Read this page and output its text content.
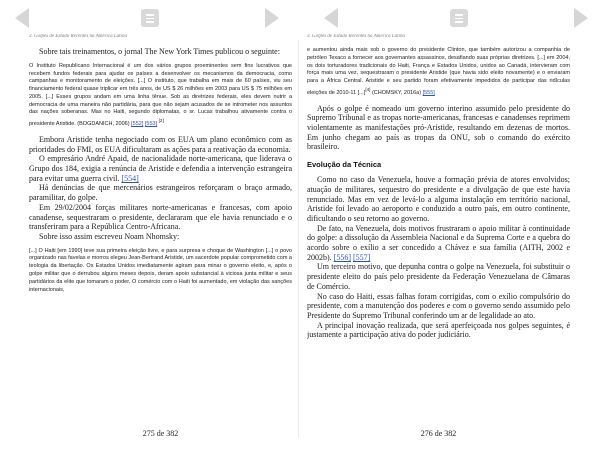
3. Golpes de Estado Recentes na América Latina

Sobre tais treinamentos, o jornal The New York Times publicou o seguinte:

O Instituto Republicano Internacional é um dos vários grupos proeminentes sem fins lucrativos que recebem fundos federais para ajudar os países a desenvolver os mecanismos da democracia, como campanhas e monitoramento de eleições. [...] O instituto, que trabalha em mais de 60 países, viu seu financiamento federal quase triplicar em três anos, de US $ 26 milhões em 2003 para US $ 75 milhões em 2005. [...] Esses grupos andam em uma linha tênue. Sob as diretrizes federais, eles devem nutrir a democracia de uma maneira não partidária, para que não sejam acusados de se intrometer nos assuntos das nações soberanas. Mas no Haiti, segundo diplomatas, o sr. Lucas trabalhou ativamente contra o presidente Aristide. (BOGDANICH, 2006) [552] [553] [2]

Embora Aristide tenha negociado com os EUA um plano econômico com as prioridades do FMI, os EUA dificultaram as ações para a reativação da economia.

O empresário André Apaid, de nacionalidade norte-americana, que liderava o Grupo dos 184, exigia a renúncia de Aristide e defendia a intervenção estrangeira para evitar uma guerra civil. [554]

Há denúncias de que mercenários estrangeiros reforçaram o braço armado, paramilitar, do golpe.

Em 29/02/2004 forças militares norte-americanas e francesas, com apoio canadense, sequestraram o presidente, declararam que ele havia renunciado e o transferiram para a República Centro-Africana.

Sobre isso assim escreveu Noam Nhomsky:

[...] O Haiti [em 1990] teve sua primeira eleição livre, e para surpresa e choque de Washington [...] o povo organizado nas favelas e morros elegeu Jean-Bertrand Aristide, um sacerdote popular comprometido com a teologia da libertação. Os Estados Unidos imediatamente agiram para minar o governo eleito, e, após o golpe militar que o derrubou alguns meses depois, deram apoio substancial à viciosa junta militar e seus partidários da elite que tomaram o poder. O comércio com o Haiti foi aumentado, em violação das sanções internacionais,
275 de 382
3. Golpes de Estado Recentes na América Latina
e aumentou ainda mais sob o governo do presidente Clinton, que também autorizou a companhia de petróleo Texaco a fornecer aos governantes assassinos, desafiando suas próprias diretrizes. [...] em 2004, os dois torturadores tradicionais do Haiti, França e Estados Unidos, unidos ao Canadá, intervieram com força mais uma vez, sequestraram o presidente Aristide (que havia sido eleito novamente) e o enviaram para a África Central. Aristide e seu partido foram efetivamente impedidos de participar das ridículas eleições de 2010-11 [...][4] (CHOMSKY, 2016a) [555]

Após o golpe é nomeado um governo interino assumido pelo presidente do Supremo Tribunal e as tropas norte-americanas, francesas e canadenses reprimem violentamente as manifestações pró-Aristide, resultando em dezenas de mortos. Em junho chegam ao país as tropas da ONU, sob o comando do exército brasileiro.

Evolução da Técnica

Como no caso da Venezuela, houve a formação prévia de atores envolvidos; atuação de militares, sequestro do presidente e a divulgação de que este havia renunciado. Mas em vez de levá-lo a alguma instalação em território nacional, Aristide foi levado ao aeroporto e conduzido a outro país, em outro continente, dificultando o seu retorno ao governo.

De fato, na Venezuela, dois motivos frustraram o apoio militar à continuidade do golpe: a dissolução da Assembleia Nacional e da Suprema Corte e a quebra do acordo sobre o exílio a ser concedido a Chávez e sua família (AITH, 2002 e 2002b). [556] [557]

Um terceiro motivo, que depunha contra o golpe na Venezuela, foi substituir o presidente eleito do país pelo presidente da Federação Venezuelana de Câmaras de Comércio.

No caso do Haiti, essas falhas foram corrigidas, com o exílio compulsório do presidente, com a manutenção dos poderes e com o governo sendo assumido pelo Presidente do Supremo Tribunal conferindo um ar de legalidade ao ato.

A principal inovação realizada, que será aperfeiçoada nos golpes seguintes, é justamente a participação ativa do poder judiciário.

276 de 382
